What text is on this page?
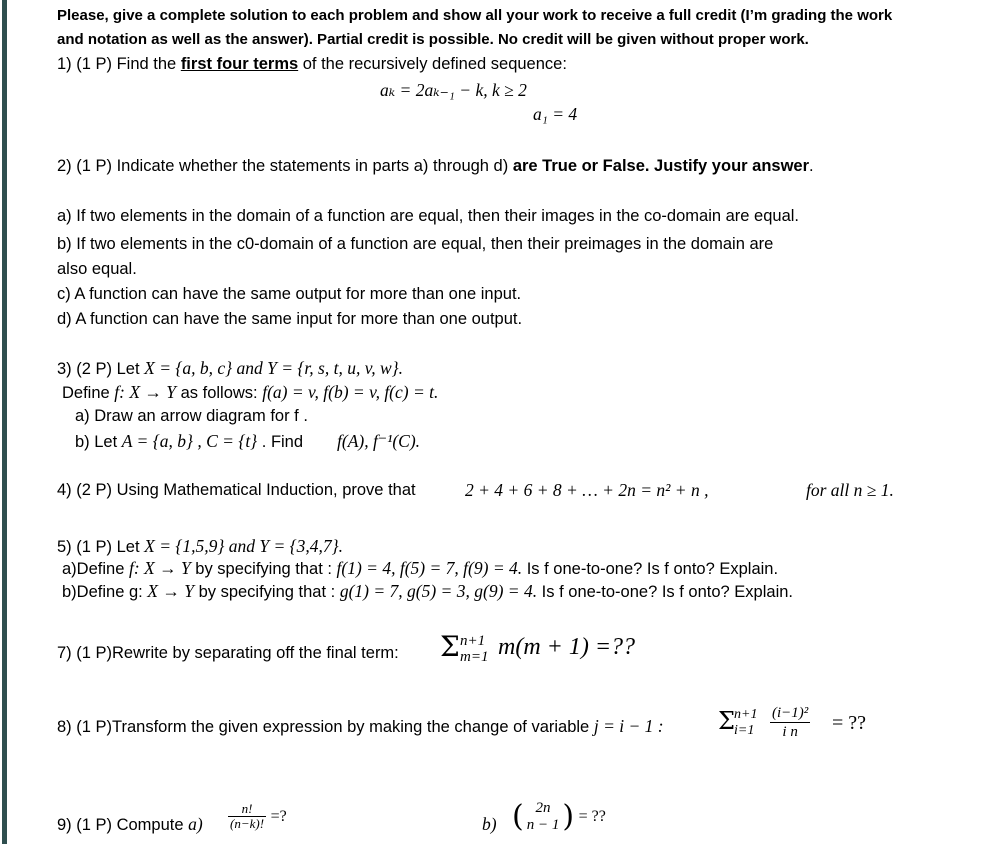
Please, give a complete solution to each problem and show all your work to receive a full credit (I’m grading the work
and notation as well as the answer). Partial credit is possible. No credit will be given without proper work.
1) (1 P) Find the first four terms of the recursively defined sequence:
aₖ = 2aₖ₋₁ − k, k ≥ 2
a₁ = 4
2) (1 P) Indicate whether the statements in parts a) through d) are True or False. Justify your answer.
a) If two elements in the domain of a function are equal, then their images in the co-domain are equal.
b) If two elements in the c0-domain of a function are equal, then their preimages in the domain are
also equal.
c) A function can have the same output for more than one input.
d) A function can have the same input for more than one output.
3) (2 P) Let X = {a, b, c} and Y = {r, s, t, u, v, w}.
Define f: X → Y as follows: f(a) = v, f(b) = v, f(c) = t.
a) Draw an arrow diagram for f .
b) Let A = {a, b} , C = {t} . Find f(A), f⁻¹(C).
4) (2 P) Using Mathematical Induction, prove that	2 + 4 + 6 + 8 + … + 2n = n² + n ,	for all n ≥ 1.
5) (1 P) Let X = {1,5,9} and Y = {3,4,7}.
a)Define f: X → Y by specifying that : f(1) = 4, f(5) = 7, f(9) = 4. Is f one-to-one? Is f onto? Explain.
b)Define g: X → Y by specifying that : g(1) = 7, g(5) = 3, g(9) = 4. Is f one-to-one? Is f onto? Explain.
7) (1 P)Rewrite by separating off the final term: Σ n+1
m=1 m(m + 1) =??
8) (1 P)Transform the given expression by making the change of variable j = i − 1 : Σ n+1
$i=1 \frac{\text{(i−1)²}}{\text{i n}}$ = ??
9) (1 P) Compute $a) \frac{n!}{(n-k)!}$ =?	b) ( 2n
n − 1 ) = ??
